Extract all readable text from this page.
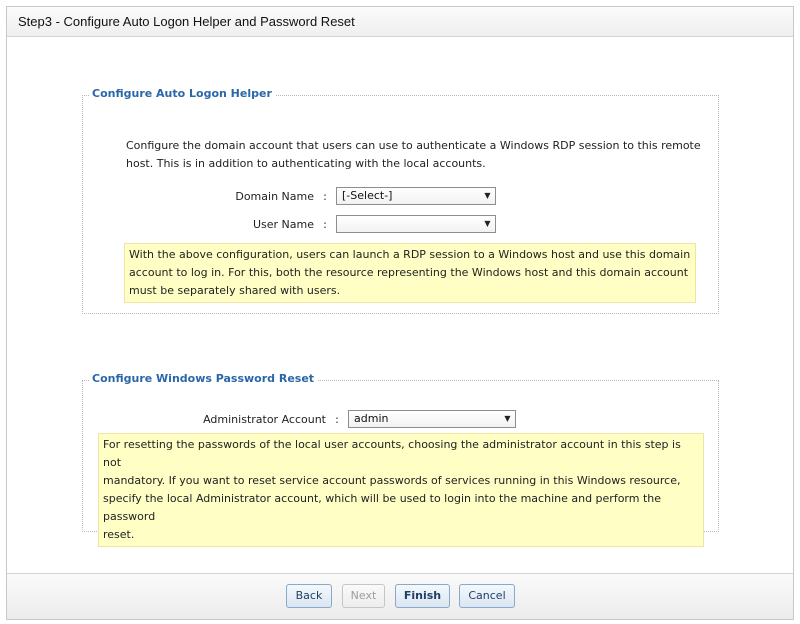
Step3 - Configure Auto Logon Helper and Password Reset
Configure Auto Logon Helper
Configure the domain account that users can use to authenticate a Windows RDP session to this remote
host. This is in addition to authenticating with the local accounts.
Domain Name :	[-Select-]	▼
User Name :	▼
With the above configuration, users can launch a RDP session to a Windows host and use this domain
account to log in. For this, both the resource representing the Windows host and this domain account
must be separately shared with users.
Configure Windows Password Reset
Administrator Account :	admin	▼
For resetting the passwords of the local user accounts, choosing the administrator account in this step is not
mandatory. If you want to reset service account passwords of services running in this Windows resource,
specify the local Administrator account, which will be used to login into the machine and perform the password
reset.
Back	Next	Finish	Cancel
